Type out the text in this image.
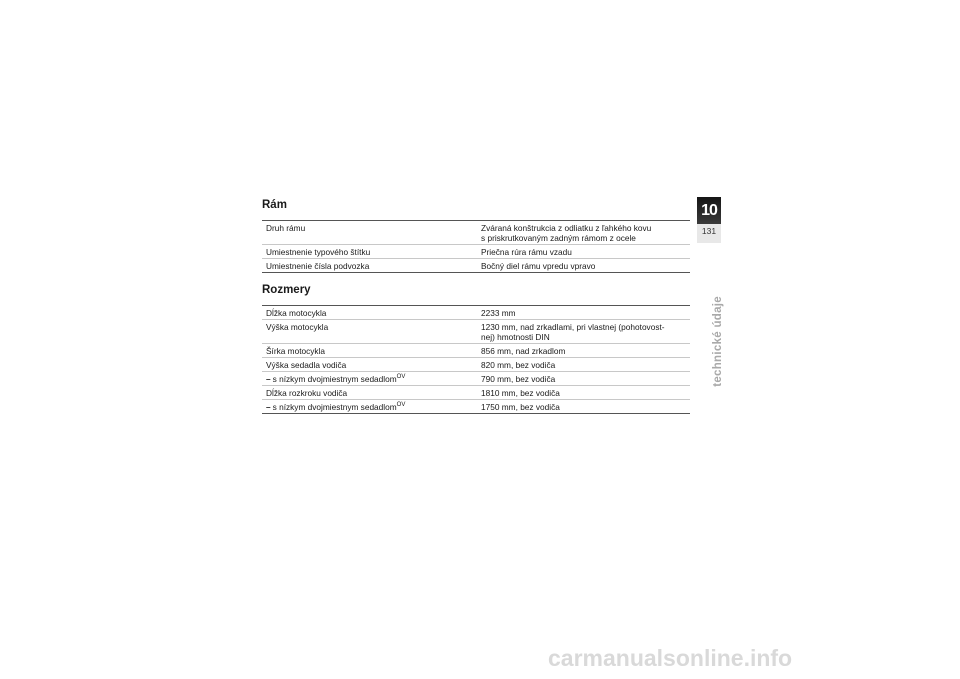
Rám
Druh rámu	Zváraná konštrukcia z odliatku z ľahkého kovu
s priskrutkovaným zadným rámom z ocele
Umiestnenie typového štítku	Priečna rúra rámu vzadu
Umiestnenie čísla podvozka	Bočný diel rámu vpredu vpravo
Rozmery
Dĺžka motocykla	2233 mm
Výška motocykla	1230 mm, nad zrkadlami, pri vlastnej (pohotovost-
nej) hmotnosti DIN
Šírka motocykla	856 mm, nad zrkadlom
Výška sedadla vodiča	820 mm, bez vodiča
– s nízkym dvojmiestnym sedadlom$^{OV}$	790 mm, bez vodiča
Dĺžka rozkroku vodiča	1810 mm, bez vodiča
– s nízkym dvojmiestnym sedadlom$^{OV}$	1750 mm, bez vodiča
10
131
technické údaje
carmanualsonline.info
